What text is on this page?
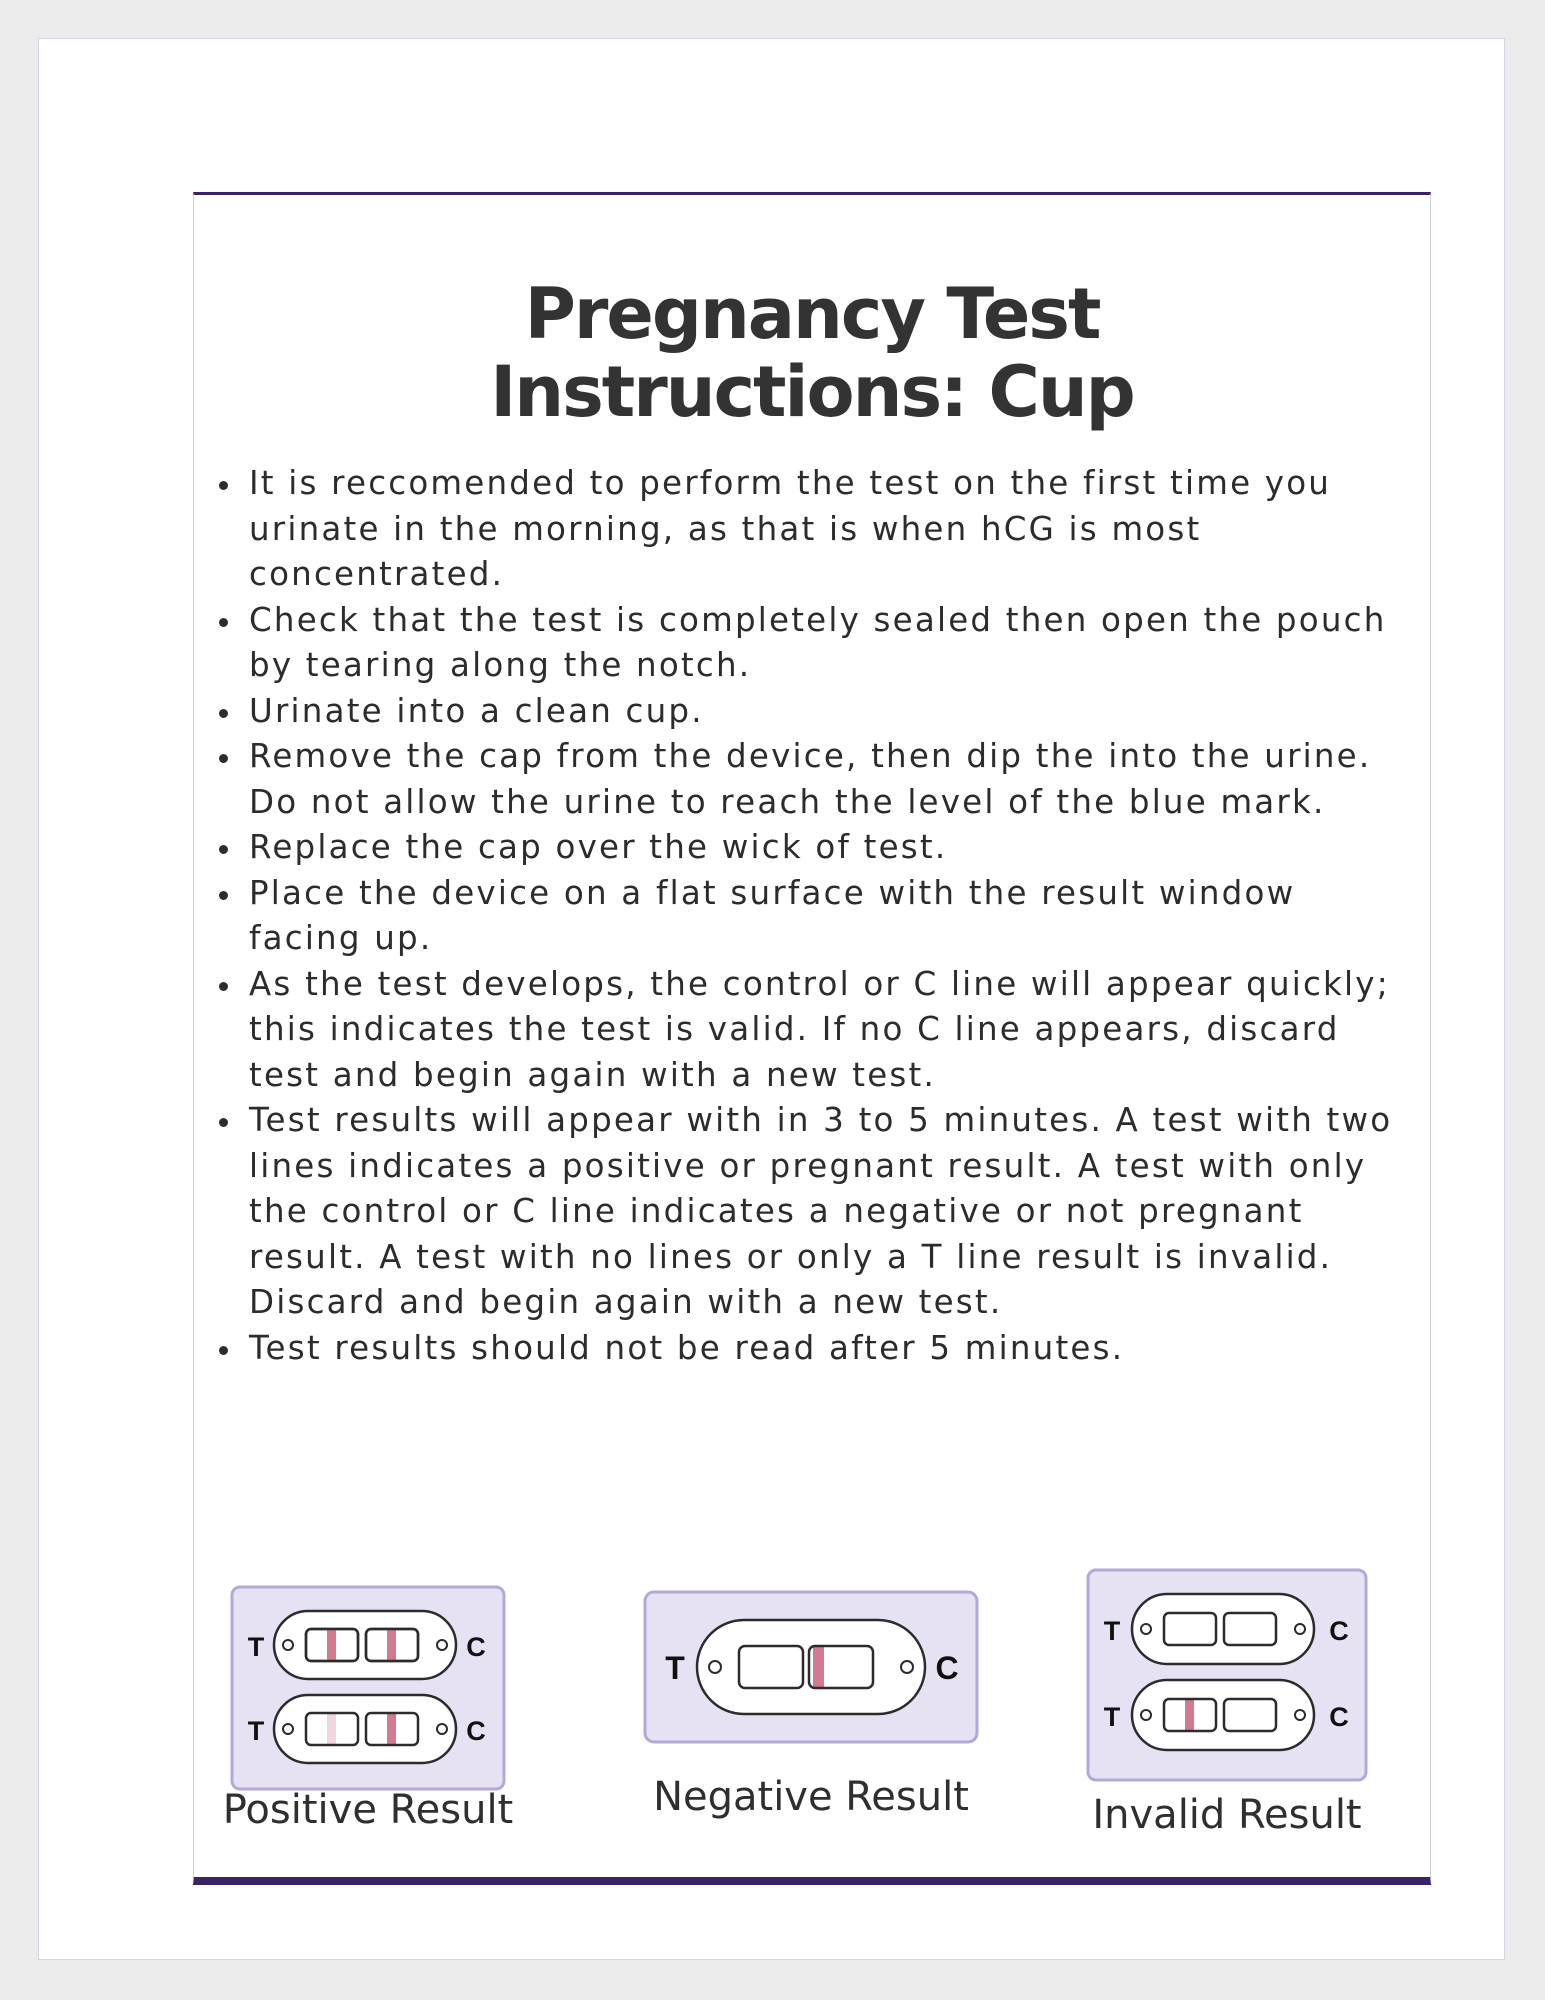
Pregnancy Test
Instructions: Cup
It is reccomended to perform the test on the first time you
urinate in the morning, as that is when hCG is most
concentrated.
Check that the test is completely sealed then open the pouch
by tearing along the notch.
Urinate into a clean cup.
Remove the cap from the device, then dip the into the urine.
Do not allow the urine to reach the level of the blue mark.
Replace the cap over the wick of test.
Place the device on a flat surface with the result window
facing up.
As the test develops, the control or C line will appear quickly;
this indicates the test is valid. If no C line appears, discard
test and begin again with a new test.
Test results will appear with in 3 to 5 minutes. A test with two
lines indicates a positive or pregnant result. A test with only
the control or C line indicates a negative or not pregnant
result. A test with no lines or only a T line result is invalid.
Discard and begin again with a new test.
Test results should not be read after 5 minutes.
T	C
T	C
Positive Result
T	C
Negative Result
T	C
T	C
Invalid Result
